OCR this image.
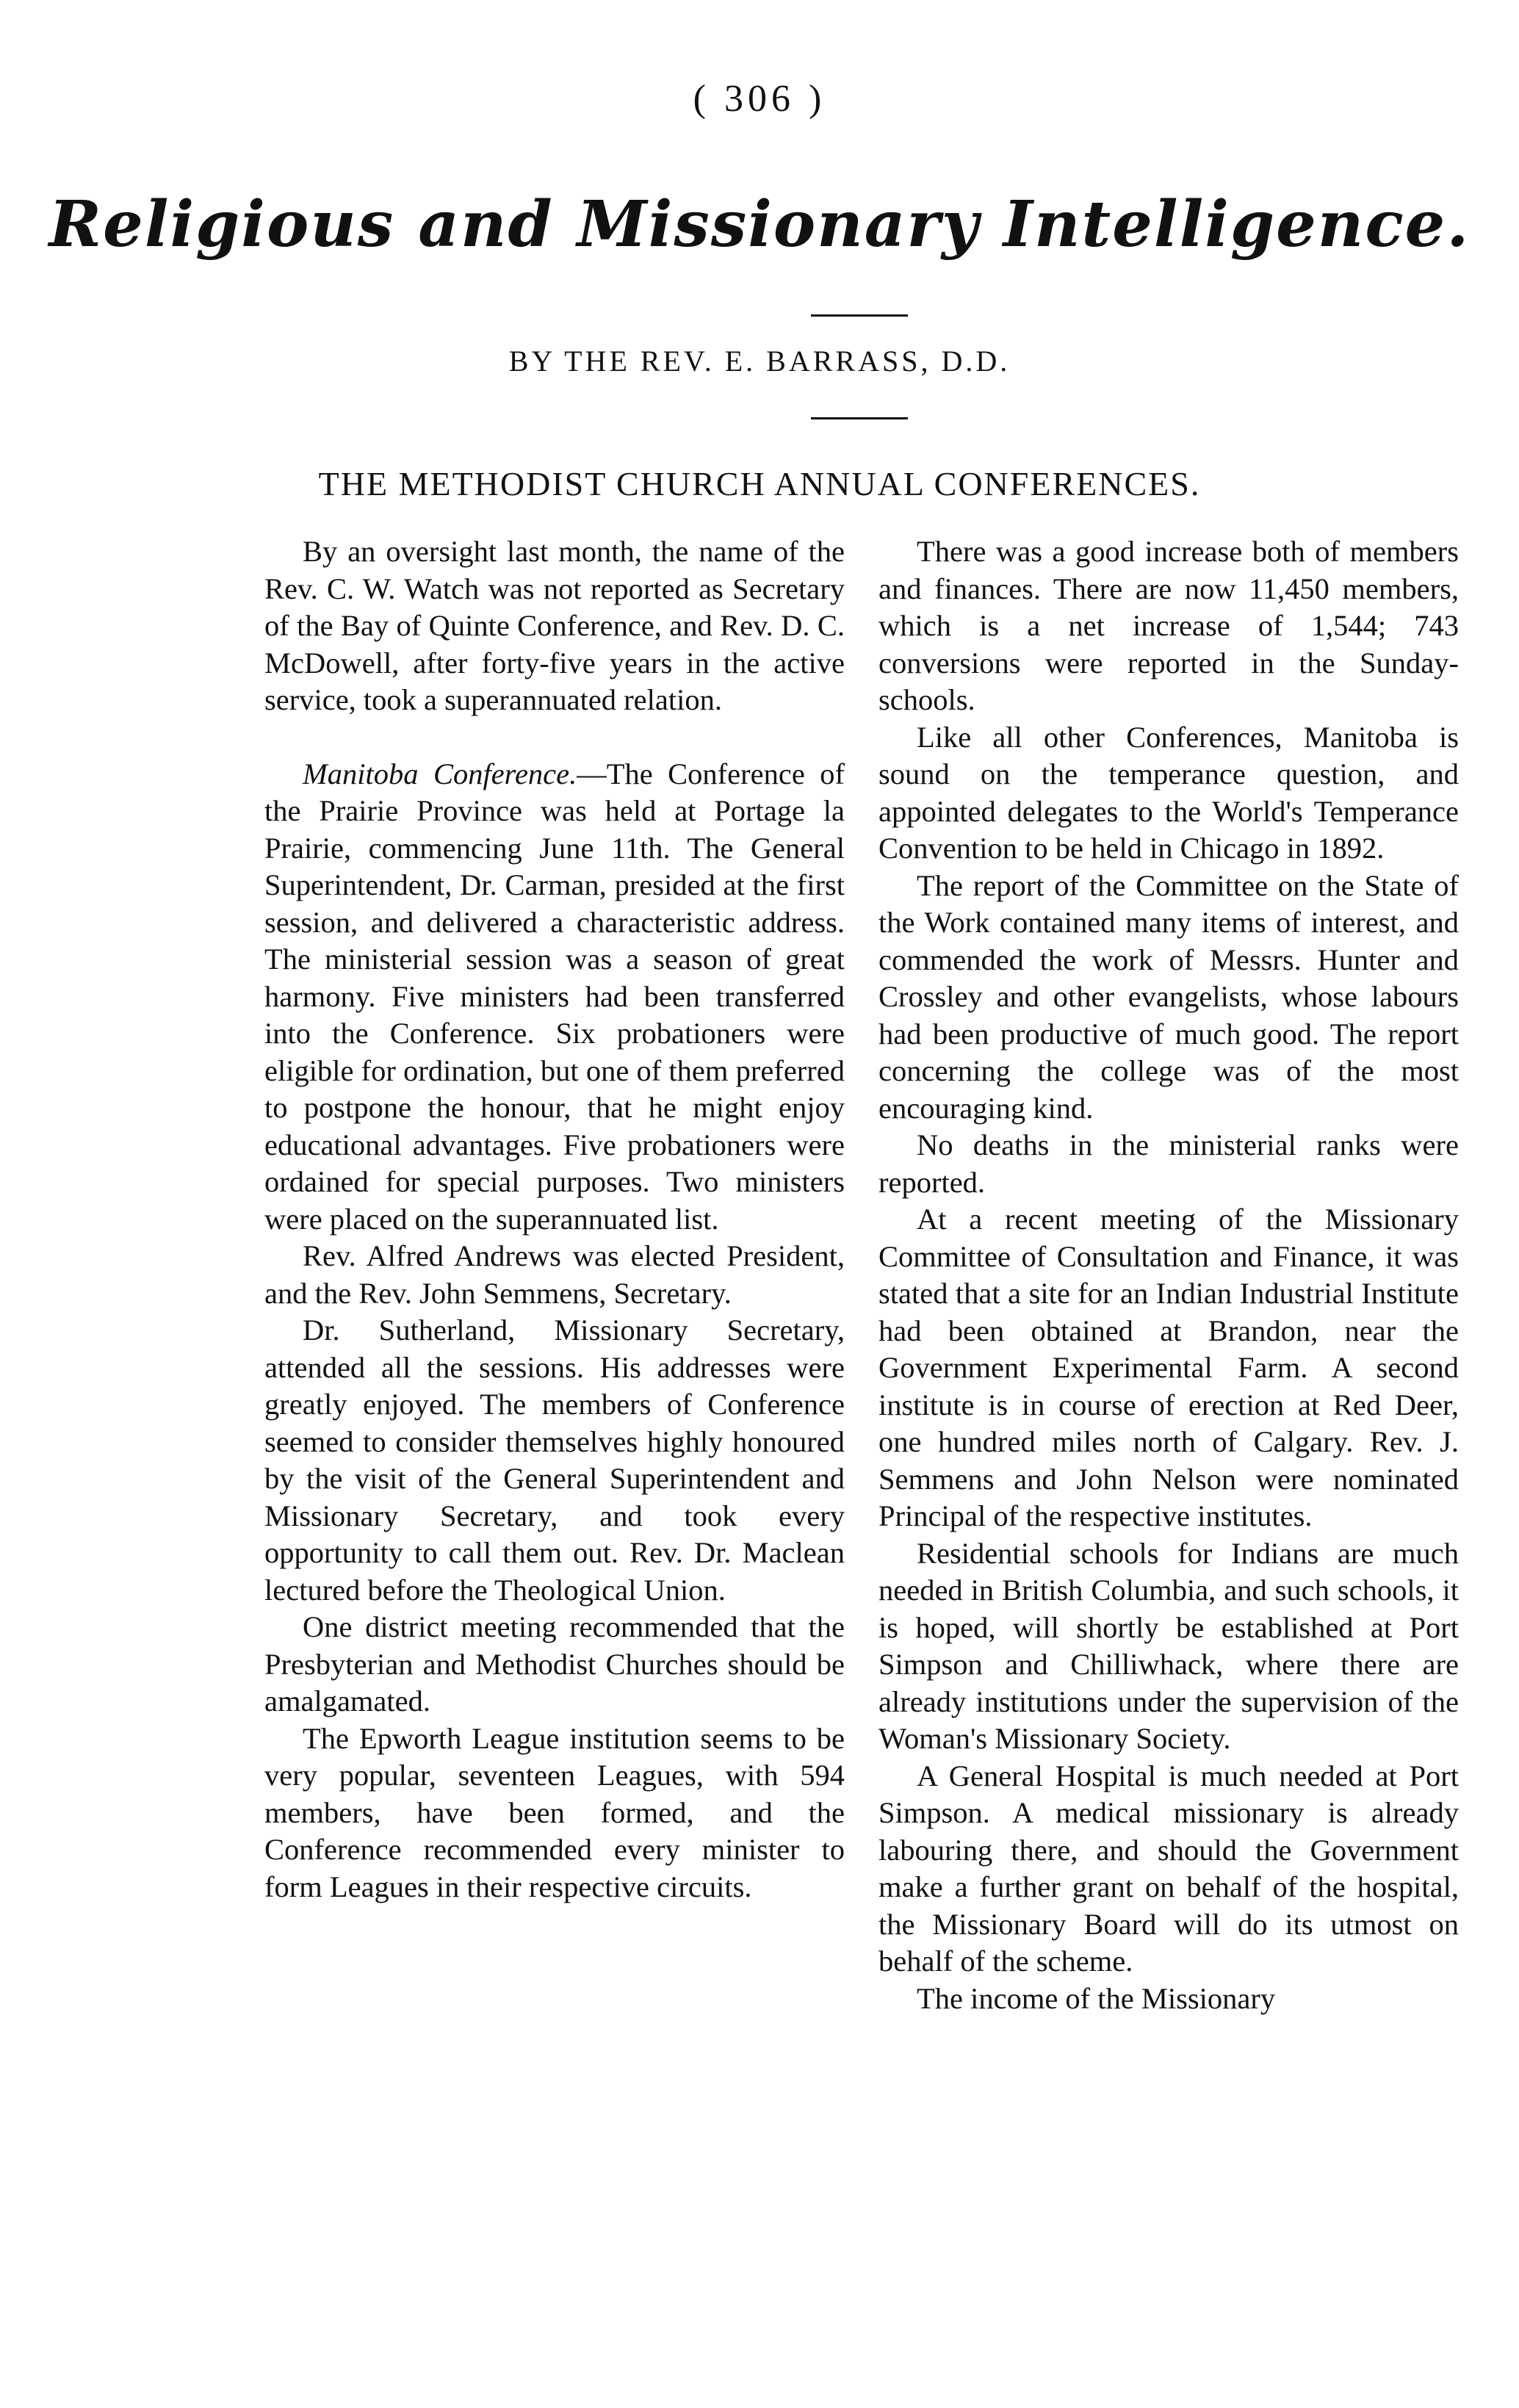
( 306 )
Religious and Missionary Intelligence.
BY THE REV. E. BARRASS, D.D.
THE METHODIST CHURCH ANNUAL CONFERENCES.

By an oversight last month, the name of the Rev. C. W. Watch was not reported as Secretary of the Bay of Quinte Conference, and Rev. D. C. McDowell, after forty-five years in the active service, took a superannuated relation.

Manitoba Conference.—The Conference of the Prairie Province was held at Portage la Prairie, commencing June 11th. The General Superintendent, Dr. Carman, presided at the first session, and delivered a characteristic address. The ministerial session was a season of great harmony. Five ministers had been transferred into the Conference. Six probationers were eligible for ordination, but one of them preferred to postpone the honour, that he might enjoy educational advantages. Five probationers were ordained for special purposes. Two ministers were placed on the superannuated list.

Rev. Alfred Andrews was elected President, and the Rev. John Semmens, Secretary.

Dr. Sutherland, Missionary Secretary, attended all the sessions. His addresses were greatly enjoyed. The members of Conference seemed to consider themselves highly honoured by the visit of the General Superintendent and Missionary Secretary, and took every opportunity to call them out. Rev. Dr. Maclean lectured before the Theological Union.

One district meeting recommended that the Presbyterian and Methodist Churches should be amalgamated.

The Epworth League institution seems to be very popular, seventeen Leagues, with 594 members, have been formed, and the Conference recommended every minister to form Leagues in their respective circuits.

There was a good increase both of members and finances. There are now 11,450 members, which is a net increase of 1,544; 743 conversions were reported in the Sunday-schools.

Like all other Conferences, Manitoba is sound on the temperance question, and appointed delegates to the World's Temperance Convention to be held in Chicago in 1892.

The report of the Committee on the State of the Work contained many items of interest, and commended the work of Messrs. Hunter and Crossley and other evangelists, whose labours had been productive of much good. The report concerning the college was of the most encouraging kind.

No deaths in the ministerial ranks were reported.

At a recent meeting of the Missionary Committee of Consultation and Finance, it was stated that a site for an Indian Industrial Institute had been obtained at Brandon, near the Government Experimental Farm. A second institute is in course of erection at Red Deer, one hundred miles north of Calgary. Rev. J. Semmens and John Nelson were nominated Principal of the respective institutes.

Residential schools for Indians are much needed in British Columbia, and such schools, it is hoped, will shortly be established at Port Simpson and Chilliwhack, where there are already institutions under the supervision of the Woman's Missionary Society.

A General Hospital is much needed at Port Simpson. A medical missionary is already labouring there, and should the Government make a further grant on behalf of the hospital, the Missionary Board will do its utmost on behalf of the scheme.

The income of the Missionary
